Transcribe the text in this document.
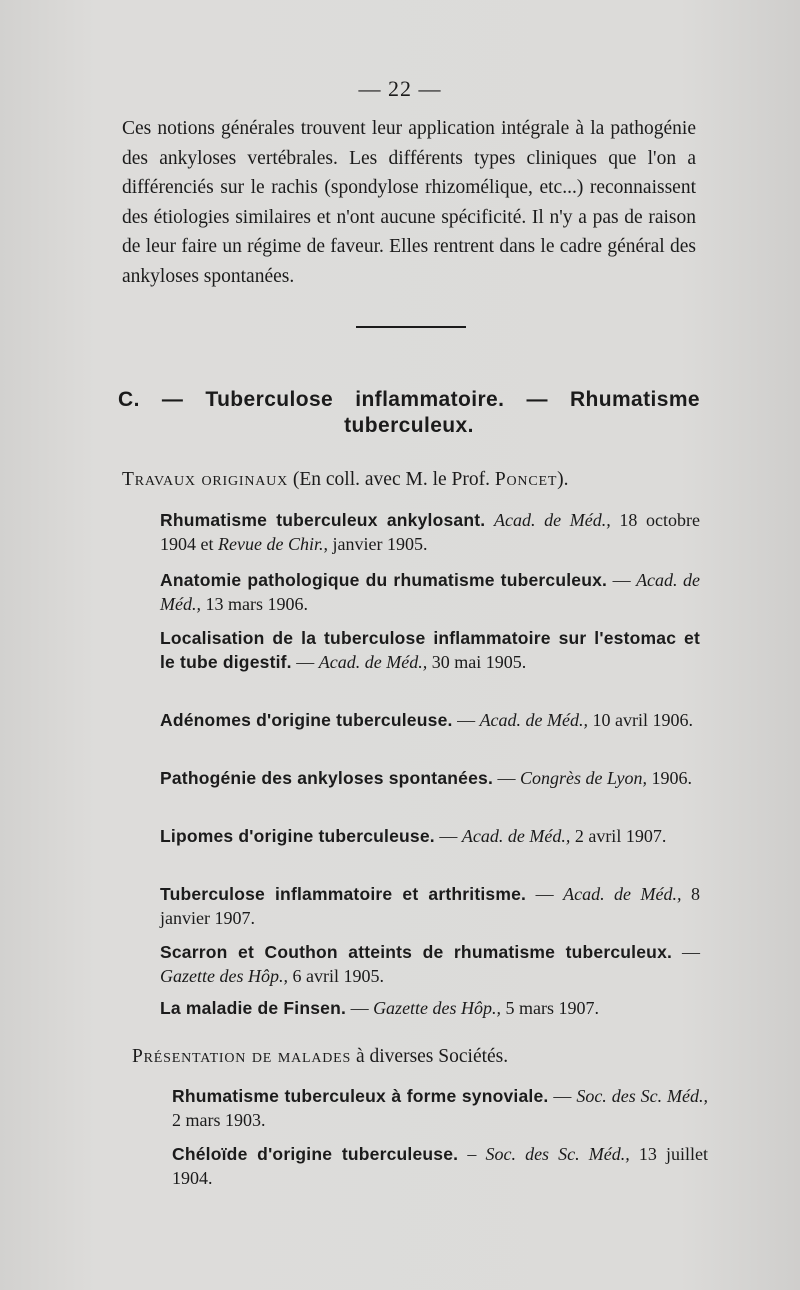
— 22 —

Ces notions générales trouvent leur application intégrale à la pathogénie des ankyloses vertébrales. Les différents types cliniques que l'on a différenciés sur le rachis (spondylose rhizomélique, etc...) reconnaissent des étiologies similaires et n'ont aucune spécificité. Il n'y a pas de raison de leur faire un régime de faveur. Elles rentrent dans le cadre général des ankyloses spontanées.

C. — Tuberculose inflammatoire. — Rhumatisme tuberculeux.
Travaux originaux (En coll. avec M. le Prof. Poncet).

Rhumatisme tuberculeux ankylosant. Acad. de Méd., 18 octobre 1904 et Revue de Chir., janvier 1905.

Anatomie pathologique du rhumatisme tuberculeux. — Acad. de Méd., 13 mars 1906.

Localisation de la tuberculose inflammatoire sur l'estomac et le tube digestif. — Acad. de Méd., 30 mai 1905.

Adénomes d'origine tuberculeuse. — Acad. de Méd., 10 avril 1906.

Pathogénie des ankyloses spontanées. — Congrès de Lyon, 1906.

Lipomes d'origine tuberculeuse. — Acad. de Méd., 2 avril 1907.

Tuberculose inflammatoire et arthritisme. — Acad. de Méd., 8 janvier 1907.

Scarron et Couthon atteints de rhumatisme tuberculeux. — Gazette des Hôp., 6 avril 1905.

La maladie de Finsen. — Gazette des Hôp., 5 mars 1907.

Présentation de malades à diverses Sociétés.

Rhumatisme tuberculeux à forme synoviale. — Soc. des Sc. Méd., 2 mars 1903.

Chéloïde d'origine tuberculeuse. – Soc. des Sc. Méd., 13 juillet 1904.
